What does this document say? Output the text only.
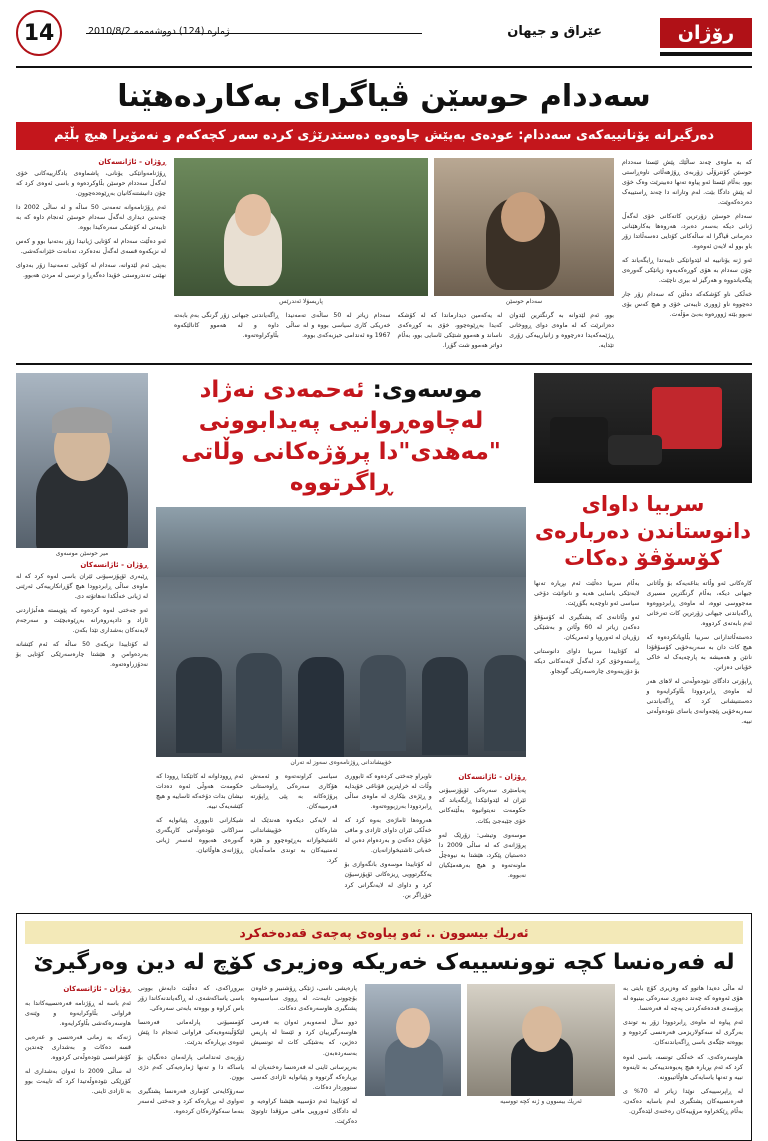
رۆژان
عێراق و جیهان
ژماره‌ (124) دووشه‌ممه‌ 2010/8/2
14
سه‌ددام حوسێن ڤیاگرای به‌کارده‌هێنا
ده‌رگیرانه‌ یۆنانییه‌که‌ی سه‌ددام: عوده‌ی به‌پێش چاوه‌وه‌ ده‌ستدرێژی کرده‌ سه‌ر کچه‌که‌م و نه‌مۆیرا هیچ بڵێم

که‌ به‌ ماوه‌ی چه‌ند ساڵێك پێش ئێستا سه‌ددام حوسێن کۆنترۆڵی زۆربه‌ی ڕۆژهه‌ڵاتی ناوه‌ڕاستی بوو، به‌ڵام ئێستا ئه‌و پیاوه‌ ته‌نها ده‌بینرێت وه‌ک خۆی له‌ پێش دادگا بێت. له‌م وتارانه‌ دا چه‌ند ڕاستییه‌ک ده‌رده‌که‌وێت.

سه‌دام حوسێن زۆرترین کاته‌کانی خۆی له‌گه‌ڵ ژنانی دیکه‌ به‌سه‌ر ده‌برد، هه‌روه‌ها به‌کارهێنانی ده‌رمانی ڤیاگرا له‌ ساڵه‌کانی کۆتایی ده‌سه‌ڵاتدا زۆر باو بوو له‌ لایه‌ن ئه‌وه‌وه‌.

ئه‌و ژنه‌ یۆنانییه‌ له‌ لێدوانێکی تایبه‌تدا ڕایگه‌یاند که‌ چۆن سه‌دام به‌ هۆی کوڕه‌که‌یه‌وه‌ زیانێکی گه‌وره‌ی پێگه‌یاندووه‌ و هه‌رگیز له‌ بیری ناچێت.

خه‌ڵکی ناو کۆشکه‌که‌ ده‌ڵێن که‌ سه‌دام زۆر جار ده‌چووه‌ ناو ژووری تایبه‌تی خۆی و هیچ که‌س بۆی نه‌بوو بێته‌ ژووره‌وه‌ به‌بێ مۆڵه‌ت.

سه‌دام حوسێن
پاریسۆلا ئه‌ندرێس

بوو، ئه‌م لێدوانه‌ به‌ گرنگترین لێدوان ده‌زانرێت که‌ له‌ ماوه‌ی دوای ڕووخانی ڕژێمه‌که‌یدا ده‌رچووه‌ و زانیارییه‌کی زۆری تێدایه‌.

له‌ یه‌که‌مین دیدارماندا که‌ له‌ کۆشکه‌ که‌یدا به‌ڕێوه‌چوو، خۆی به‌ کوڕه‌که‌ی ناساند و هه‌موو شتێکی ئاسایی بوو، به‌ڵام دواتر هه‌موو شت گۆڕا.

سه‌دام زیاتر له‌ 50 ساڵه‌ی ته‌مه‌نیدا خه‌ریکی کاری سیاسی بووه‌ و له‌ ساڵی 1967 وه‌ ئه‌ندامی حیزبه‌که‌ی بووه‌.

ڕاگه‌یاندنی جیهانی زۆر گرنگی به‌م بابه‌ته‌ داوه‌ و له‌ هه‌موو کانالێکه‌وه‌ بڵاوکراوه‌ته‌وه‌.

ڕۆژان - ئاژانسه‌کان

ڕۆژنامه‌وانێکی یۆنانی، پاشماوه‌ی یادگارییه‌کانی خۆی له‌گه‌ڵ سه‌ددام حوسێن بڵاوکرده‌وه‌ و باسی ئه‌وه‌ی کرد که‌ چۆن دانیشتنه‌کانیان به‌ڕێوه‌ده‌چوون.

ئه‌م ڕۆژنامه‌وانه‌ ته‌مه‌نی 50 ساڵه‌ و له‌ ساڵی 2002 دا چه‌ندین دیداری له‌گه‌ڵ سه‌دام حوسێن ئه‌نجام داوه‌ که‌ به‌ تایبه‌تی له‌ کۆشکی سه‌ره‌کیدا بووه‌.

ئه‌و ده‌ڵێت سه‌دام له‌ کۆتایی ژیانیدا زۆر به‌ته‌نیا بوو و که‌س له‌ نزیکه‌وه‌ قسه‌ی له‌گه‌ڵ نه‌ده‌کرد، ته‌نانه‌ت خێزانه‌که‌شی.

به‌پێی ئه‌م لێدوانه‌، سه‌دام له‌ کۆتایی ته‌مه‌نیدا زۆر به‌دوای نهێنی ته‌ندروستی خۆیدا ده‌گه‌ڕا و ترسی له‌ مردن هه‌بوو.

سربیا داوای دانوستاندن ده‌رباره‌ی کۆسۆڤۆ ده‌کات

کاره‌کانی ئه‌و وڵاته‌ بناغه‌یه‌که‌ بۆ وڵاتانی جیهانی دیکه‌، به‌ڵام گرنگترین مسیری مه‌جووسی تووه‌، له‌ ماوه‌ی ڕابردووه‌وه‌ ڕاگه‌یاندنی جیهانی زۆرترین کات ته‌رخانی ئه‌م بابه‌ته‌ی کردووه‌.

ده‌سته‌ڵاتدارانی سربیا بڵاویانکرده‌وه‌ که‌ هیچ کات دان به‌ سه‌ربه‌خۆیی کۆسۆڤۆدا نانێن و هه‌میشه‌ به‌ پارچه‌یه‌ک له‌ خاکی خۆیانی ده‌زانن.

ڕاپۆرتی دادگای نێوده‌وڵه‌تی له‌ لاهای هه‌ر له‌ ماوه‌ی ڕابردوودا بڵاوکرایه‌وه‌ و ده‌ستنیشانی کرد که‌ ڕاگه‌یاندنی سه‌ربه‌خۆیی پێچه‌وانه‌ی یاسای نێوده‌وڵه‌تی نییه‌.

به‌ڵام سربیا ده‌ڵێت ئه‌م بڕیاره‌ ته‌نها لایه‌نێکی یاسایی هه‌یه‌ و ناتوانێت دۆخی سیاسی ئه‌و ناوچه‌یه‌ بگۆڕێت.

ئه‌و وڵاتانه‌ی که‌ پشتگیری له‌ کۆسۆڤۆ ده‌که‌ن زیاتر له‌ 60 وڵاتن و به‌شێکی زۆریان له‌ ئه‌وروپا و ئه‌مریکان.

له‌ کۆتاییدا سربیا داوای دانوستانی ڕاسته‌وخۆی کرد له‌گه‌ڵ لایه‌نه‌کانی دیکه‌ بۆ دۆزینه‌وه‌ی چاره‌سه‌رێکی گونجاو.

موسه‌وی: ئه‌حمه‌دی نه‌ژاد له‌چاوه‌ڕوانیی په‌یدابوونی "مه‌هدی"دا پرۆژه‌کانی وڵاتی ڕاگرتووه‌
خۆپیشاندانی ڕۆژنامه‌وه‌ی سه‌وز له‌ ته‌ران
ڕۆژان - ئاژانسه‌کان

په‌یامنێری سه‌ره‌کی ئۆپۆزسیۆنی ئێران له‌ لێدوانێکدا ڕایگه‌یاند که‌ حکومه‌ت نه‌یتوانیوه‌ به‌ڵێنه‌کانی خۆی جێبه‌جێ بکات.

موسه‌وی وتیشی: زۆرێک له‌و پرۆژانه‌ی که‌ له‌ ساڵی 2009 دا ده‌ستیان پێکرد، هێشتا به‌ نیوه‌چڵ ماونه‌ته‌وه‌ و هیچ به‌رهه‌مێکیان نه‌بووه‌.

ناوبراو جه‌ختی کرده‌وه‌ که‌ ئابووری وڵات له‌ خراپترین قۆناغی خۆیدایه‌ و ڕێژه‌ی بێکاری له‌ ماوه‌ی ساڵی ڕابردوودا به‌رزبووه‌ته‌وه‌.

هه‌روه‌ها ئاماژه‌ی به‌وه‌ کرد که‌ خه‌ڵکی ئێران داوای ئازادی و مافی خۆیان ده‌که‌ن و به‌رده‌وام ده‌بن له‌ خه‌باتی ئاشتیخوازانه‌یان.

له‌ کۆتاییدا موسه‌وی بانگه‌وازی بۆ یه‌کگرتوویی ڕیزه‌کانی ئۆپۆزسیۆن کرد و داوای له‌ لایه‌نگرانی کرد خۆڕاگر بن.

سیاسی کراونه‌ته‌وه‌ و ئه‌مه‌ش هۆکاری سه‌ره‌کی ڕاوه‌ستانی پرۆژه‌کانه‌ به‌ پێی ڕاپۆرته‌ فه‌رمییه‌کان.

له‌ لایه‌کی دیکه‌وه‌ هه‌ندێک له‌ شاره‌کان خۆپیشاندانی ئاشتیخوازانه‌ به‌ڕێوه‌چوو و هێزه‌ ئه‌منییه‌کان به‌ توندی مامه‌ڵه‌یان کرد.

ئه‌م ڕووداوانه‌ له‌ کاتێکدا ڕوودا که‌ حکومه‌ت هه‌وڵی ئه‌وه‌ ده‌دات نیشان بدات دۆخه‌که‌ ئاساییه‌ و هیچ کێشه‌یه‌ک نییه‌.

شیکارانی ئابووری پێیانوایه‌ که‌ سزاکانی نێوده‌وڵه‌تی کاریگه‌ری گه‌وره‌ی هه‌بووه‌ له‌سه‌ر ژیانی ڕۆژانه‌ی هاوڵاتیان.

میر حوسێن موسه‌وی
ڕۆژان - ئاژانسه‌کان

ڕێبه‌ری ئۆپۆزسیۆنی ئێران باسی له‌وه‌ کرد که‌ له‌ ماوه‌ی ساڵی ڕابردوودا هیچ گۆڕانکارییه‌کی ئه‌رێنی له‌ ژیانی خه‌ڵکدا نه‌هاتۆته‌ دی.

ئه‌و جه‌ختی له‌وه‌ کرده‌وه‌ که‌ پێویسته‌ هه‌ڵبژاردنی ئازاد و دادپه‌روه‌رانه‌ به‌ڕێوه‌بچێت و سه‌رجه‌م لایه‌نه‌کان به‌شداری تێدا بکه‌ن.

له‌ کۆتاییدا نزیکه‌ی 50 ساڵه‌ که‌ ئه‌م کێشانه‌ به‌رده‌وامن و هێشتا چاره‌سه‌رێکی کۆتایی بۆ نه‌دۆزراوه‌ته‌وه‌.

ئه‌ریك بیسوون .. ئه‌و پیاوه‌ی په‌چه‌ی قه‌ده‌خه‌کرد
له‌ فه‌ره‌نسا کچه‌ توونسییه‌ک خه‌ریکه‌ وه‌زیری کۆچ له‌ دین وه‌رگیرێ

له‌ ماڵی ده‌یدا هاتوو که‌ وه‌زیری کۆچ بایتی به‌ هۆی ئه‌وه‌وه‌ که‌ چه‌ند ده‌وری سه‌ره‌کی بینیوه‌ له‌ پرۆسه‌ی قه‌ده‌غه‌کردنی په‌چه‌ له‌ فه‌ره‌نسا.

ئه‌م پیاوه‌ له‌ ماوه‌ی ڕابردوودا زۆر به‌ توندی به‌رگری له‌ سه‌کولاریزمی فه‌ره‌نسی کردووه‌ و بووه‌ته‌ جێگه‌ی باسی ڕاگه‌یاندنه‌کان.

هاوسه‌ره‌که‌ی، که‌ خه‌ڵکی تونسه‌، باسی له‌وه‌ کرد که‌ ئه‌م بڕیاره‌ هیچ په‌یوه‌ندییه‌کی به‌ ئاینه‌وه‌ نییه‌ و ته‌نها یاسایه‌کی هاوڵاتیبوونه‌.

له‌ ڕاپرسییه‌کی نوێدا زیاتر له‌ 70% ی فه‌ره‌نسییه‌کان پشتگیری له‌م یاسایه‌ ده‌که‌ن، به‌ڵام ڕێکخراوه‌ مرۆییه‌کان ره‌خنه‌ی لێده‌گرن.

ئه‌ریك بیسوون و ژنه‌ کچه‌ تووسیه‌

پاره‌یشی ناسی، ژنێکی ڕۆشنبیر و خاوه‌ن بۆچوونی تایبه‌ت، له‌ ڕووی سیاسییه‌وه‌ پشتگیری هاوسه‌ره‌که‌ی ده‌کات.

دوو ساڵ له‌مه‌وبه‌ر ئه‌وان به‌ فه‌رمی هاوسه‌رگیرییان کرد و ئێستا له‌ پاریس ده‌ژین، که‌ به‌شێکی کات له‌ تونسیش به‌سه‌رده‌به‌ن.

به‌رپرسانی ئاینی له‌ فه‌ره‌نسا ره‌خنه‌یان له‌ بڕیاره‌که‌ گرتووه‌ و پێیانوایه‌ ئازادی که‌سی سنووردار ده‌کات.

له‌ کۆتاییدا ئه‌م دۆسییه‌ هێشتا کراوه‌یه‌ و له‌ دادگای ئه‌وروپی مافی مرۆڤدا تاوتوێ ده‌کرێت.

بیروڕاکه‌ی، که‌ ده‌ڵێت دابه‌ش بوونی باسی یاساکه‌شه‌ی، له‌ ڕاگه‌یاندنه‌کاندا زۆر باس کراوه‌ و بووه‌ته‌ بابه‌تی سه‌ره‌کی.

کۆمسیۆنی پارله‌مانی فه‌ره‌نسا لێکۆڵینه‌وه‌یه‌کی فراوانی ئه‌نجام دا پێش ئه‌وه‌ی بڕیاره‌که‌ بدرێت.

زۆربه‌ی ئه‌ندامانی پارله‌مان ده‌نگیان بۆ یاساکه‌ دا و ته‌نها ژماره‌یه‌کی که‌م دژی بوون.

سه‌رۆکایه‌تی کۆماری فه‌ره‌نسا پشتگیری ته‌واوی له‌ بڕیاره‌که‌ کرد و جه‌ختی له‌سه‌ر بنه‌ما سه‌کولاره‌کان کرده‌وه‌.

ڕۆژان - ئاژانسه‌کان

ئه‌م باسه‌ له‌ ڕۆژنامه‌ فه‌ره‌نسییه‌کاندا به‌ فراوانی بڵاوکرایه‌وه‌ و وێنه‌ی هاوسه‌ره‌که‌شی بڵاوکرایه‌وه‌.

ژنه‌که‌ به‌ زمانی فه‌ره‌نسی و عه‌ره‌بی قسه‌ ده‌کات و به‌شداری چه‌ندین کۆنفرانسی نێوده‌وڵه‌تی کردووه‌.

له‌ ساڵی 2009 دا ئه‌وان به‌شداری له‌ کۆڕێکی نێوده‌وڵه‌تیدا کرد که‌ تایبه‌ت بوو به‌ ئازادی ئاینی.
